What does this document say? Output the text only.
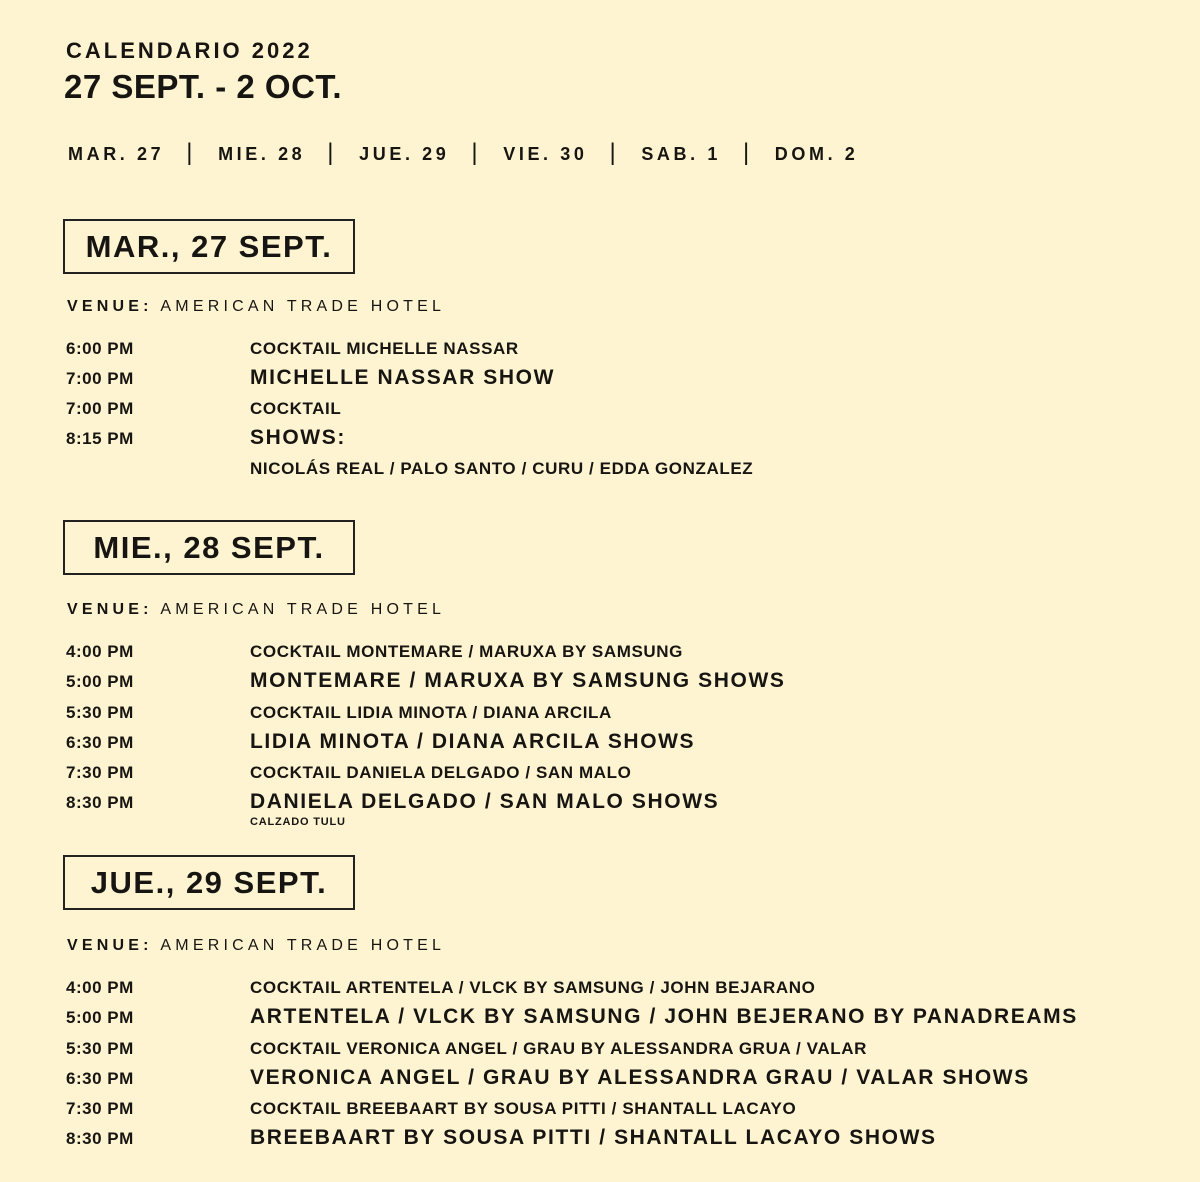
CALENDARIO 2022
27 SEPT. - 2 OCT.
MAR. 27 | MIE. 28 | JUE. 29 | VIE. 30 | SAB. 1 | DOM. 2
MAR., 27 SEPT.
VENUE: AMERICAN TRADE HOTEL
6:00 PM	COCKTAIL MICHELLE NASSAR
7:00 PM	MICHELLE NASSAR SHOW
7:00 PM	COCKTAIL
8:15 PM	SHOWS:
NICOLÁS REAL / PALO SANTO / CURU / EDDA GONZALEZ
MIE., 28 SEPT.
VENUE: AMERICAN TRADE HOTEL
4:00 PM	COCKTAIL MONTEMARE / MARUXA BY SAMSUNG
5:00 PM	MONTEMARE / MARUXA BY SAMSUNG SHOWS
5:30 PM	COCKTAIL LIDIA MINOTA / DIANA ARCILA
6:30 PM	LIDIA MINOTA / DIANA ARCILA SHOWS
7:30 PM	COCKTAIL DANIELA DELGADO / SAN MALO
8:30 PM	DANIELA DELGADO / SAN MALO SHOWS
CALZADO TULU
JUE., 29 SEPT.
VENUE: AMERICAN TRADE HOTEL
4:00 PM	COCKTAIL ARTENTELA / VLCK BY SAMSUNG / JOHN BEJARANO
5:00 PM	ARTENTELA / VLCK BY SAMSUNG / JOHN BEJERANO BY PANADREAMS
5:30 PM	COCKTAIL VERONICA ANGEL / GRAU BY ALESSANDRA GRUA / VALAR
6:30 PM	VERONICA ANGEL / GRAU BY ALESSANDRA GRAU / VALAR SHOWS
7:30 PM	COCKTAIL BREEBAART BY SOUSA PITTI / SHANTALL LACAYO
8:30 PM	BREEBAART BY SOUSA PITTI / SHANTALL LACAYO SHOWS
